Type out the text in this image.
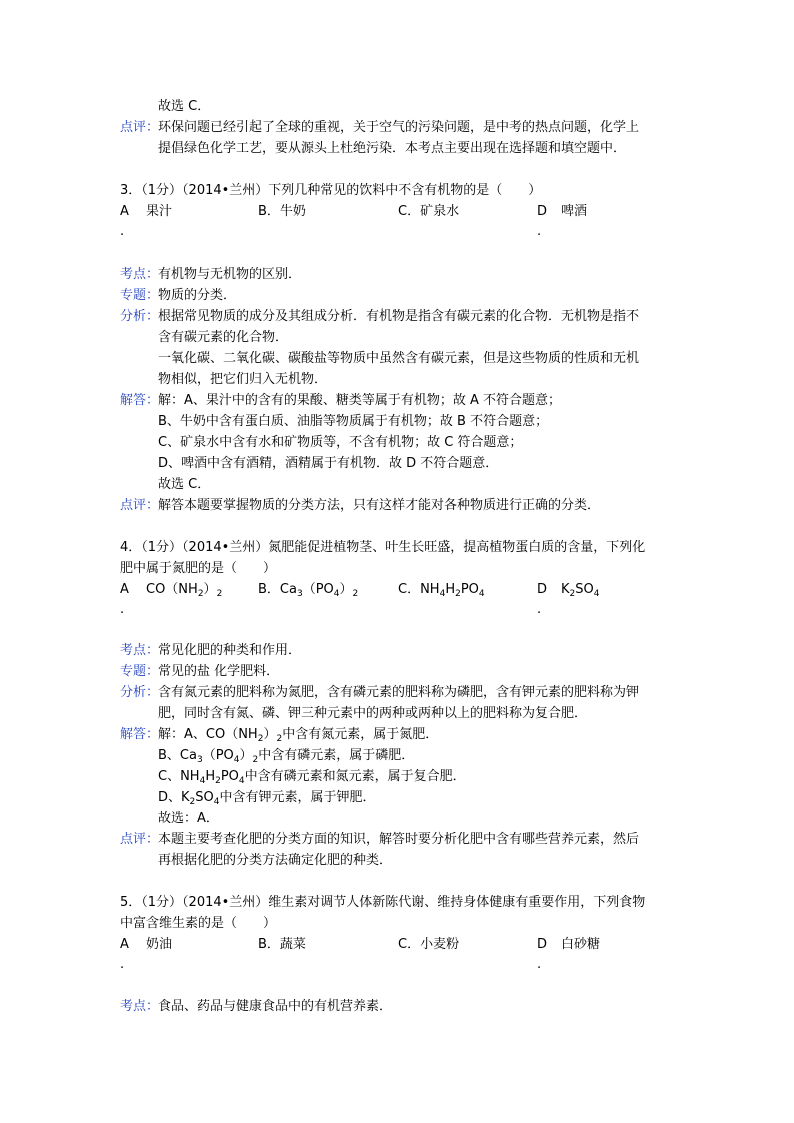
故选 C．
点评：
环保问题已经引起了全球的重视，关于空气的污染问题，是中考的热点问题，化学上
提倡绿色化学工艺，要从源头上杜绝污染．本考点主要出现在选择题和填空题中．
3．（1分）（2014•兰州）下列几种常见的饮料中不含有机物的是（　　）
A 果汁	B．牛奶	C．矿泉水	D 啤酒
.	.
考点：
有机物与无机物的区别．
专题：
物质的分类．
分析：
根据常见物质的成分及其组成分析．有机物是指含有碳元素的化合物．无机物是指不
含有碳元素的化合物．
一氧化碳、二氧化碳、碳酸盐等物质中虽然含有碳元素，但是这些物质的性质和无机
物相似，把它们归入无机物．
解答：
解：A、果汁中的含有的果酸、糖类等属于有机物；故 A 不符合题意；
B、牛奶中含有蛋白质、油脂等物质属于有机物；故 B 不符合题意；
C、矿泉水中含有水和矿物质等，不含有机物；故 C 符合题意；
D、啤酒中含有酒精，酒精属于有机物．故 D 不符合题意．
故选 C．
点评：
解答本题要掌握物质的分类方法，只有这样才能对各种物质进行正确的分类．
4．（1分）（2014•兰州）氮肥能促进植物茎、叶生长旺盛，提高植物蛋白质的含量，下列化
肥中属于氮肥的是（　　）
A $CO(NH_2)_2$	B．$Ca_3(PO_4)_2$	C．$NH_4H_2PO_4$	D $K_2SO_4$
.	.
考点：
常见化肥的种类和作用．
专题：
常见的盐 化学肥料．
分析：
含有氮元素的肥料称为氮肥，含有磷元素的肥料称为磷肥，含有钾元素的肥料称为钾
肥，同时含有氮、磷、钾三种元素中的两种或两种以上的肥料称为复合肥．
解答：
解：A、$CO(NH_2)_2$中含有氮元素，属于氮肥．
B、$Ca_3(PO_4)_2$中含有磷元素，属于磷肥．
C、$NH_4H_2PO_4$中含有磷元素和氮元素，属于复合肥．
D、$K_2SO_4$中含有钾元素，属于钾肥．
故选：A．
点评：
本题主要考查化肥的分类方面的知识，解答时要分析化肥中含有哪些营养元素，然后
再根据化肥的分类方法确定化肥的种类．
5．（1分）（2014•兰州）维生素对调节人体新陈代谢、维持身体健康有重要作用，下列食物
中富含维生素的是（　　）
A 奶油	B．蔬菜	C．小麦粉	D 白砂糖
.	.
考点：
食品、药品与健康食品中的有机营养素．
